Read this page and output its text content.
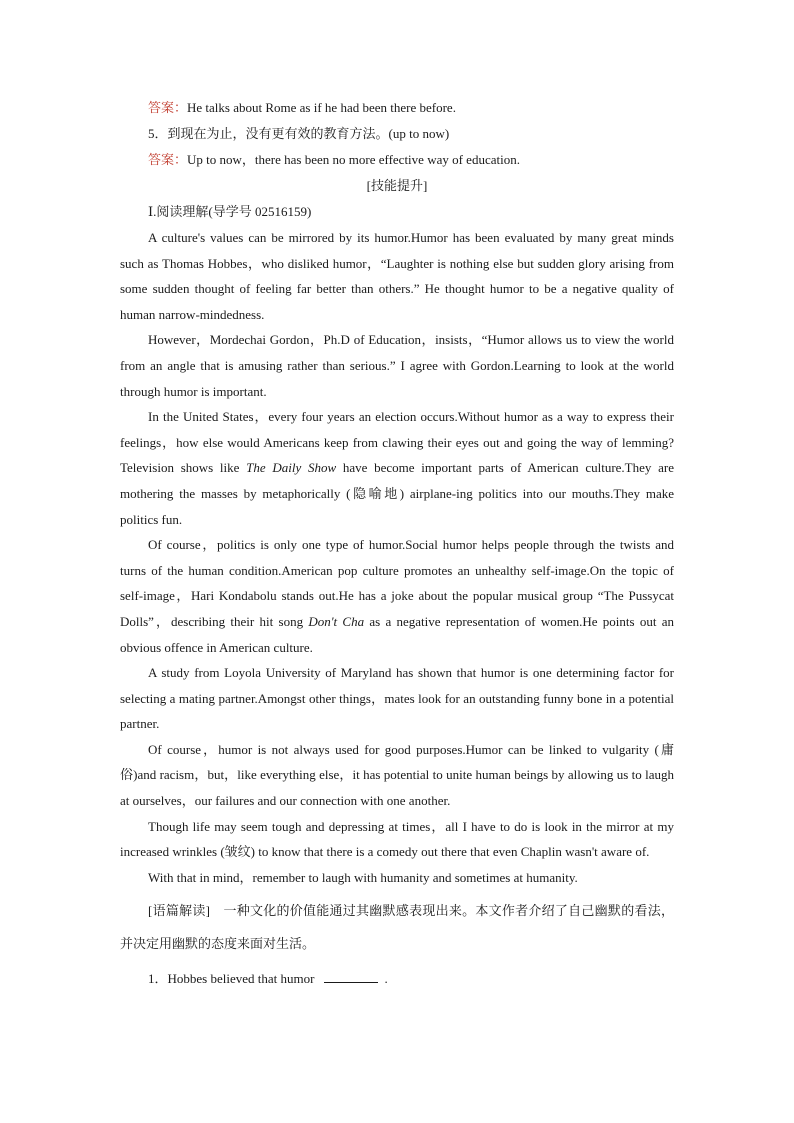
答案：He talks about Rome as if he had been there before.

5．到现在为止，没有更有效的教育方法。(up to now)

答案：Up to now，there has been no more effective way of education.

[技能提升]

Ⅰ.阅读理解(导学号 02516159)

A culture's values can be mirrored by its humor.Humor has been evaluated by many great minds such as Thomas Hobbes，who disliked humor，“Laughter is nothing else but sudden glory arising from some sudden thought of feeling far better than others.” He thought humor to be a negative quality of human narrow-mindedness.

However，Mordechai Gordon，Ph.D of Education，insists，“Humor allows us to view the world from an angle that is amusing rather than serious.” I agree with Gordon.Learning to look at the world through humor is important.

In the United States，every four years an election occurs.Without humor as a way to express their feelings，how else would Americans keep from clawing their eyes out and going the way of lemming? Television shows like The Daily Show have become important parts of American culture.They are mothering the masses by metaphorically (隐喻地) airplane-ing politics into our mouths.They make politics fun.

Of course，politics is only one type of humor.Social humor helps people through the twists and turns of the human condition.American pop culture promotes an unhealthy self-image.On the topic of self-image，Hari Kondabolu stands out.He has a joke about the popular musical group “The Pussycat Dolls”，describing their hit song Don't Cha as a negative representation of women.He points out an obvious offence in American culture.

A study from Loyola University of Maryland has shown that humor is one determining factor for selecting a mating partner.Amongst other things，mates look for an outstanding funny bone in a potential partner.

Of course，humor is not always used for good purposes.Humor can be linked to vulgarity (庸俗)and racism，but，like everything else，it has potential to unite human beings by allowing us to laugh at ourselves，our failures and our connection with one another.

Though life may seem tough and depressing at times，all I have to do is look in the mirror at my increased wrinkles (皱纹) to know that there is a comedy out there that even Chaplin wasn't aware of.

With that in mind，remember to laugh with humanity and sometimes at humanity.

[语篇解读]　 一种文化的价值能通过其幽默感表现出来。本文作者介绍了自己幽默的看法，并决定用幽默的态度来面对生活。

1．Hobbes believed that humor	.
